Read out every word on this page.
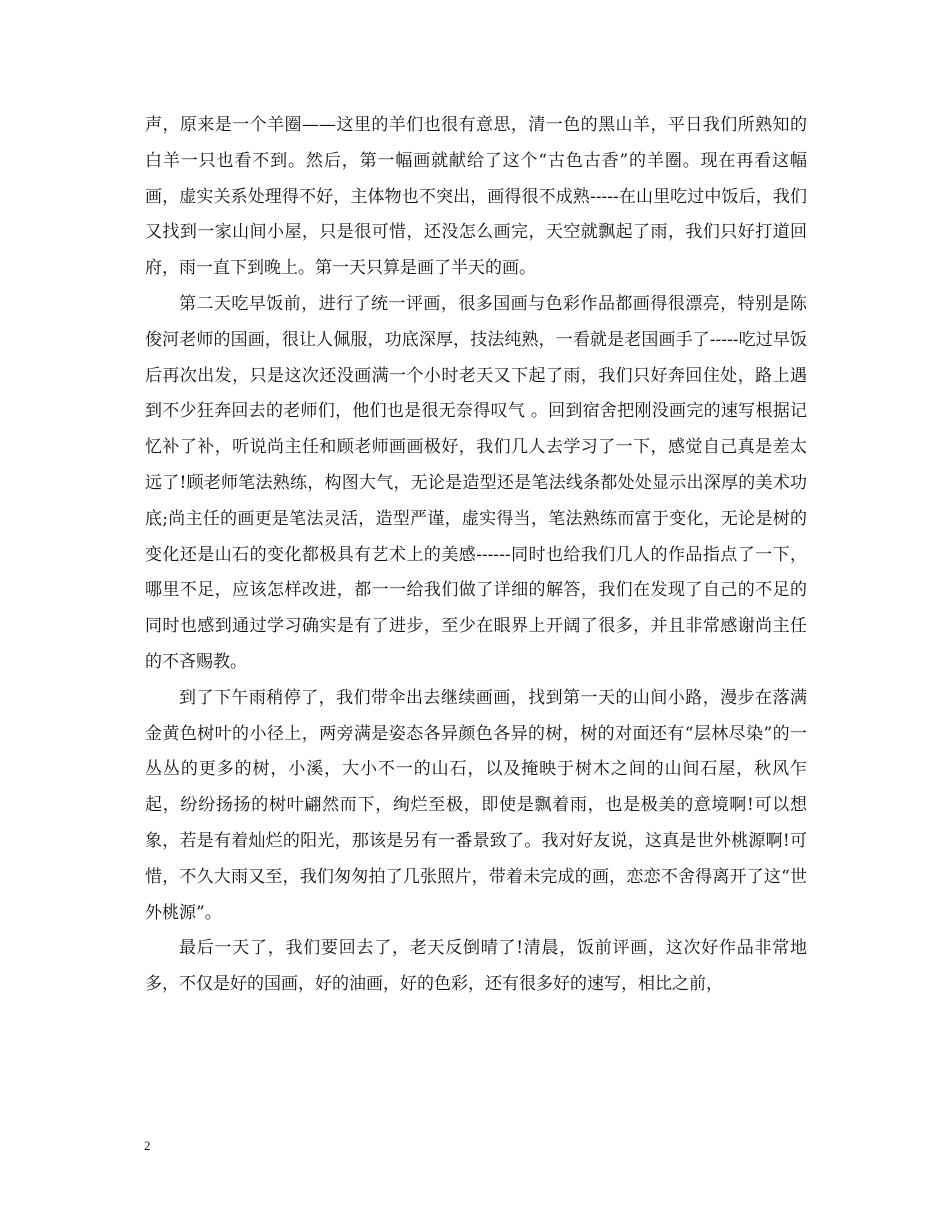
声，原来是一个羊圈——这里的羊们也很有意思，清一色的黑山羊，平日我们所熟知的白羊一只也看不到。然后，第一幅画就献给了这个“古色古香”的羊圈。现在再看这幅画，虚实关系处理得不好，主体物也不突出，画得很不成熟-----在山里吃过中饭后，我们又找到一家山间小屋，只是很可惜，还没怎么画完，天空就飘起了雨，我们只好打道回府，雨一直下到晚上。第一天只算是画了半天的画。

第二天吃早饭前，进行了统一评画，很多国画与色彩作品都画得很漂亮，特别是陈俊河老师的国画，很让人佩服，功底深厚，技法纯熟，一看就是老国画手了-----吃过早饭后再次出发，只是这次还没画满一个小时老天又下起了雨，我们只好奔回住处，路上遇到不少狂奔回去的老师们，他们也是很无奈得叹气 。回到宿舍把刚没画完的速写根据记忆补了补，听说尚主任和顾老师画画极好，我们几人去学习了一下，感觉自己真是差太远了!顾老师笔法熟练，构图大气，无论是造型还是笔法线条都处处显示出深厚的美术功底;尚主任的画更是笔法灵活，造型严谨，虚实得当，笔法熟练而富于变化，无论是树的变化还是山石的变化都极具有艺术上的美感------同时也给我们几人的作品指点了一下，哪里不足，应该怎样改进，都一一给我们做了详细的解答，我们在发现了自己的不足的同时也感到通过学习确实是有了进步，至少在眼界上开阔了很多，并且非常感谢尚主任的不吝赐教。

到了下午雨稍停了，我们带伞出去继续画画，找到第一天的山间小路，漫步在落满金黄色树叶的小径上，两旁满是姿态各异颜色各异的树，树的对面还有“层林尽染”的一丛丛的更多的树，小溪，大小不一的山石，以及掩映于树木之间的山间石屋，秋风乍起，纷纷扬扬的树叶翩然而下，绚烂至极，即使是飘着雨，也是极美的意境啊!可以想象，若是有着灿烂的阳光，那该是另有一番景致了。我对好友说，这真是世外桃源啊!可惜，不久大雨又至，我们匆匆拍了几张照片，带着未完成的画，恋恋不舍得离开了这“世外桃源”。

最后一天了，我们要回去了，老天反倒晴了!清晨，饭前评画，这次好作品非常地多，不仅是好的国画，好的油画，好的色彩，还有很多好的速写，相比之前，

2
